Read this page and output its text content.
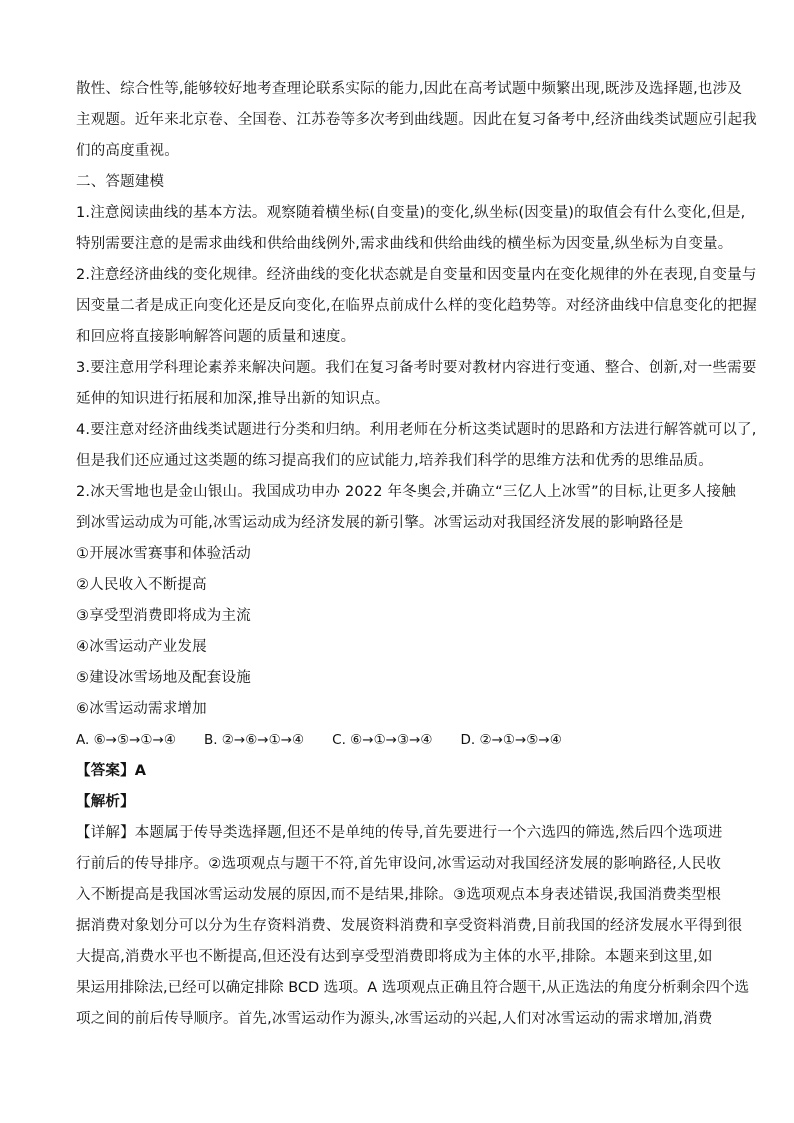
散性、综合性等,能够较好地考查理论联系实际的能力,因此在高考试题中频繁出现,既涉及选择题,也涉及
主观题。近年来北京卷、全国卷、江苏卷等多次考到曲线题。因此在复习备考中,经济曲线类试题应引起我
们的高度重视。
二、答题建模
1.注意阅读曲线的基本方法。观察随着横坐标(自变量)的变化,纵坐标(因变量)的取值会有什么变化,但是,
特别需要注意的是需求曲线和供给曲线例外,需求曲线和供给曲线的横坐标为因变量,纵坐标为自变量。
2.注意经济曲线的变化规律。经济曲线的变化状态就是自变量和因变量内在变化规律的外在表现,自变量与
因变量二者是成正向变化还是反向变化,在临界点前成什么样的变化趋势等。对经济曲线中信息变化的把握
和回应将直接影响解答问题的质量和速度。
3.要注意用学科理论素养来解决问题。我们在复习备考时要对教材内容进行变通、整合、创新,对一些需要
延伸的知识进行拓展和加深,推导出新的知识点。
4.要注意对经济曲线类试题进行分类和归纳。利用老师在分析这类试题时的思路和方法进行解答就可以了,
但是我们还应通过这类题的练习提高我们的应试能力,培养我们科学的思维方法和优秀的思维品质。
2.冰天雪地也是金山银山。我国成功申办 2022 年冬奥会,并确立“三亿人上冰雪”的目标,让更多人接触
到冰雪运动成为可能,冰雪运动成为经济发展的新引擎。冰雪运动对我国经济发展的影响路径是
①开展冰雪赛事和体验活动
②人民收入不断提高
③享受型消费即将成为主流
④冰雪运动产业发展
⑤建设冰雪场地及配套设施
⑥冰雪运动需求增加
A. ⑥→⑤→①→④ B. ②→⑥→①→④ C. ⑥→①→③→④ D. ②→①→⑤→④
【答案】A
【解析】
【详解】本题属于传导类选择题,但还不是单纯的传导,首先要进行一个六选四的筛选,然后四个选项进
行前后的传导排序。②选项观点与题干不符,首先审设问,冰雪运动对我国经济发展的影响路径,人民收
入不断提高是我国冰雪运动发展的原因,而不是结果,排除。③选项观点本身表述错误,我国消费类型根
据消费对象划分可以分为生存资料消费、发展资料消费和享受资料消费,目前我国的经济发展水平得到很
大提高,消费水平也不断提高,但还没有达到享受型消费即将成为主体的水平,排除。本题来到这里,如
果运用排除法,已经可以确定排除 BCD 选项。A 选项观点正确且符合题干,从正选法的角度分析剩余四个选
项之间的前后传导顺序。首先,冰雪运动作为源头,冰雪运动的兴起,人们对冰雪运动的需求增加,消费
